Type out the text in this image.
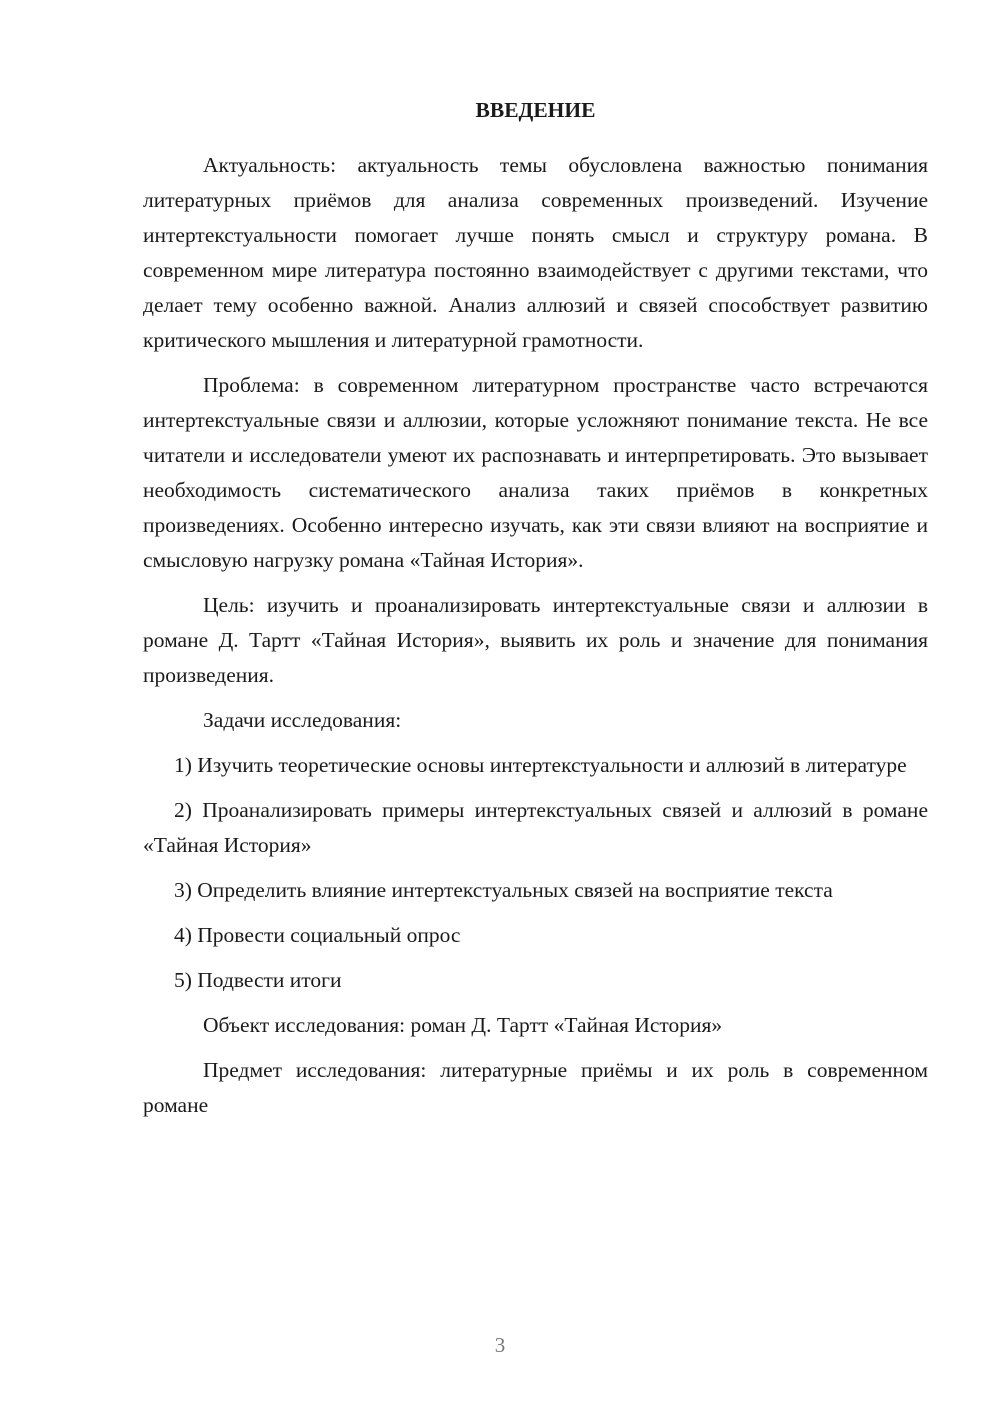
ВВЕДЕНИЕ

Актуальность: актуальность темы обусловлена важностью понимания литературных приёмов для анализа современных произведений. Изучение интертекстуальности помогает лучше понять смысл и структуру романа. В современном мире литература постоянно взаимодействует с другими текстами, что делает тему особенно важной. Анализ аллюзий и связей способствует развитию критического мышления и литературной грамотности.

Проблема: в современном литературном пространстве часто встречаются интертекстуальные связи и аллюзии, которые усложняют понимание текста. Не все читатели и исследователи умеют их распознавать и интерпретировать. Это вызывает необходимость систематического анализа таких приёмов в конкретных произведениях. Особенно интересно изучать, как эти связи влияют на восприятие и смысловую нагрузку романа «Тайная История».

Цель: изучить и проанализировать интертекстуальные связи и аллюзии в романе Д. Тартт «Тайная История», выявить их роль и значение для понимания произведения.

Задачи исследования:

1) Изучить теоретические основы интертекстуальности и аллюзий в литературе

2) Проанализировать примеры интертекстуальных связей и аллюзий в романе «Тайная История»

3) Определить влияние интертекстуальных связей на восприятие текста

4) Провести социальный опрос

5) Подвести итоги

Объект исследования: роман Д. Тартт «Тайная История»

Предмет исследования: литературные приёмы и их роль в современном романе

3
